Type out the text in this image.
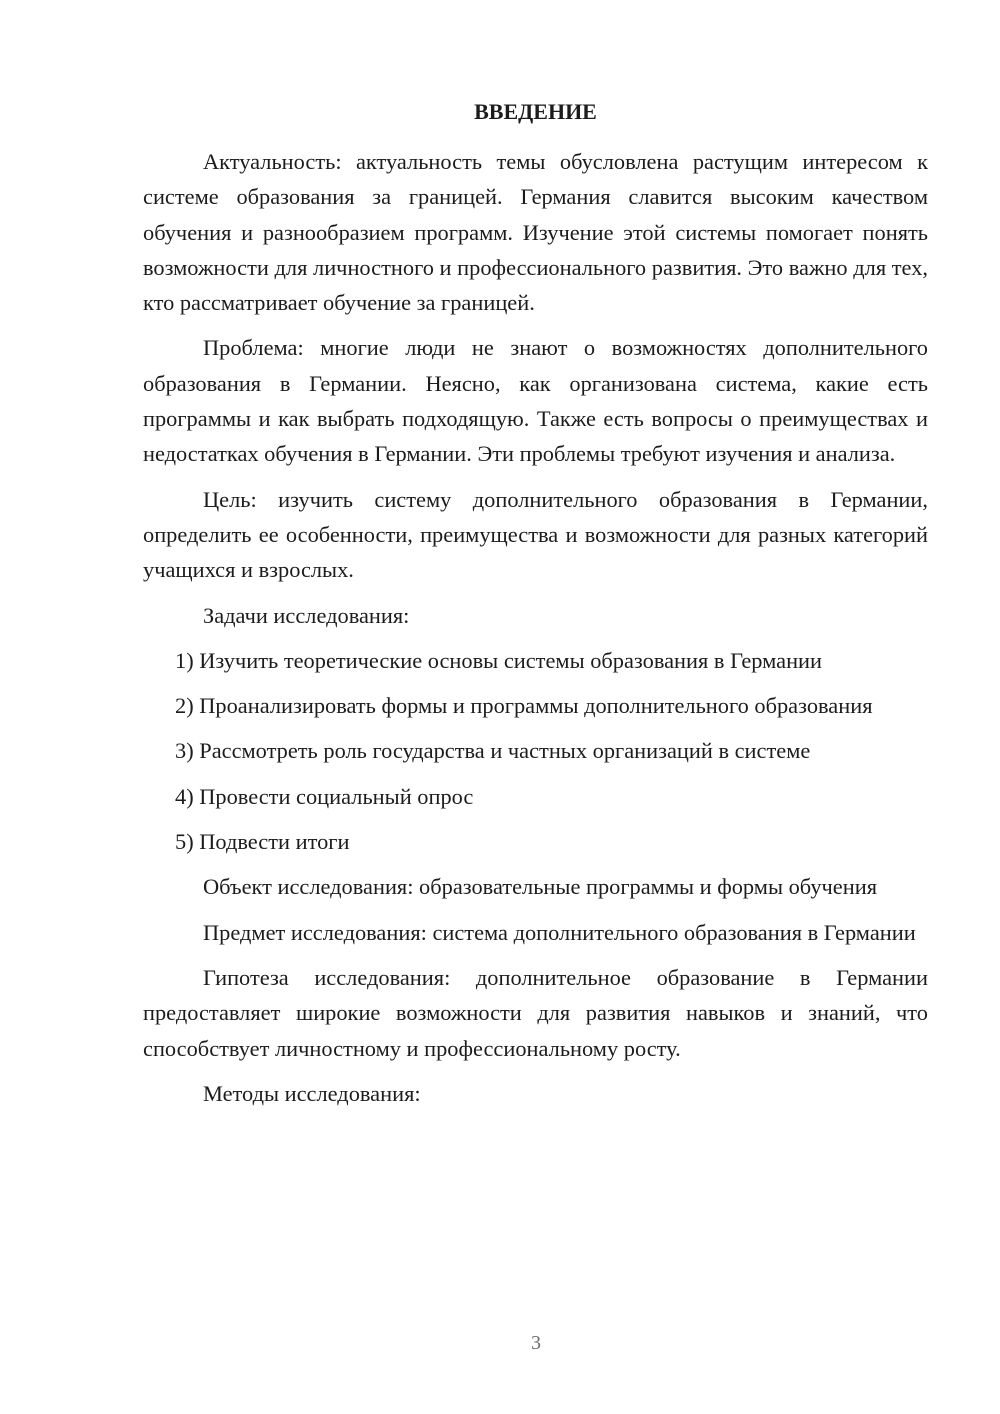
ВВЕДЕНИЕ

Актуальность: актуальность темы обусловлена растущим интересом к системе образования за границей. Германия славится высоким качеством обучения и разнообразием программ. Изучение этой системы помогает понять возможности для личностного и профессионального развития. Это важно для тех, кто рассматривает обучение за границей.

Проблема: многие люди не знают о возможностях дополнительного образования в Германии. Неясно, как организована система, какие есть программы и как выбрать подходящую. Также есть вопросы о преимуществах и недостатках обучения в Германии. Эти проблемы требуют изучения и анализа.

Цель: изучить систему дополнительного образования в Германии, определить ее особенности, преимущества и возможности для разных категорий учащихся и взрослых.

Задачи исследования:

1) Изучить теоретические основы системы образования в Германии

2) Проанализировать формы и программы дополнительного образования

3) Рассмотреть роль государства и частных организаций в системе

4) Провести социальный опрос

5) Подвести итоги

Объект исследования: образовательные программы и формы обучения

Предмет исследования: система дополнительного образования в Германии

Гипотеза исследования: дополнительное образование в Германии предоставляет широкие возможности для развития навыков и знаний, что способствует личностному и профессиональному росту.

Методы исследования:

3
